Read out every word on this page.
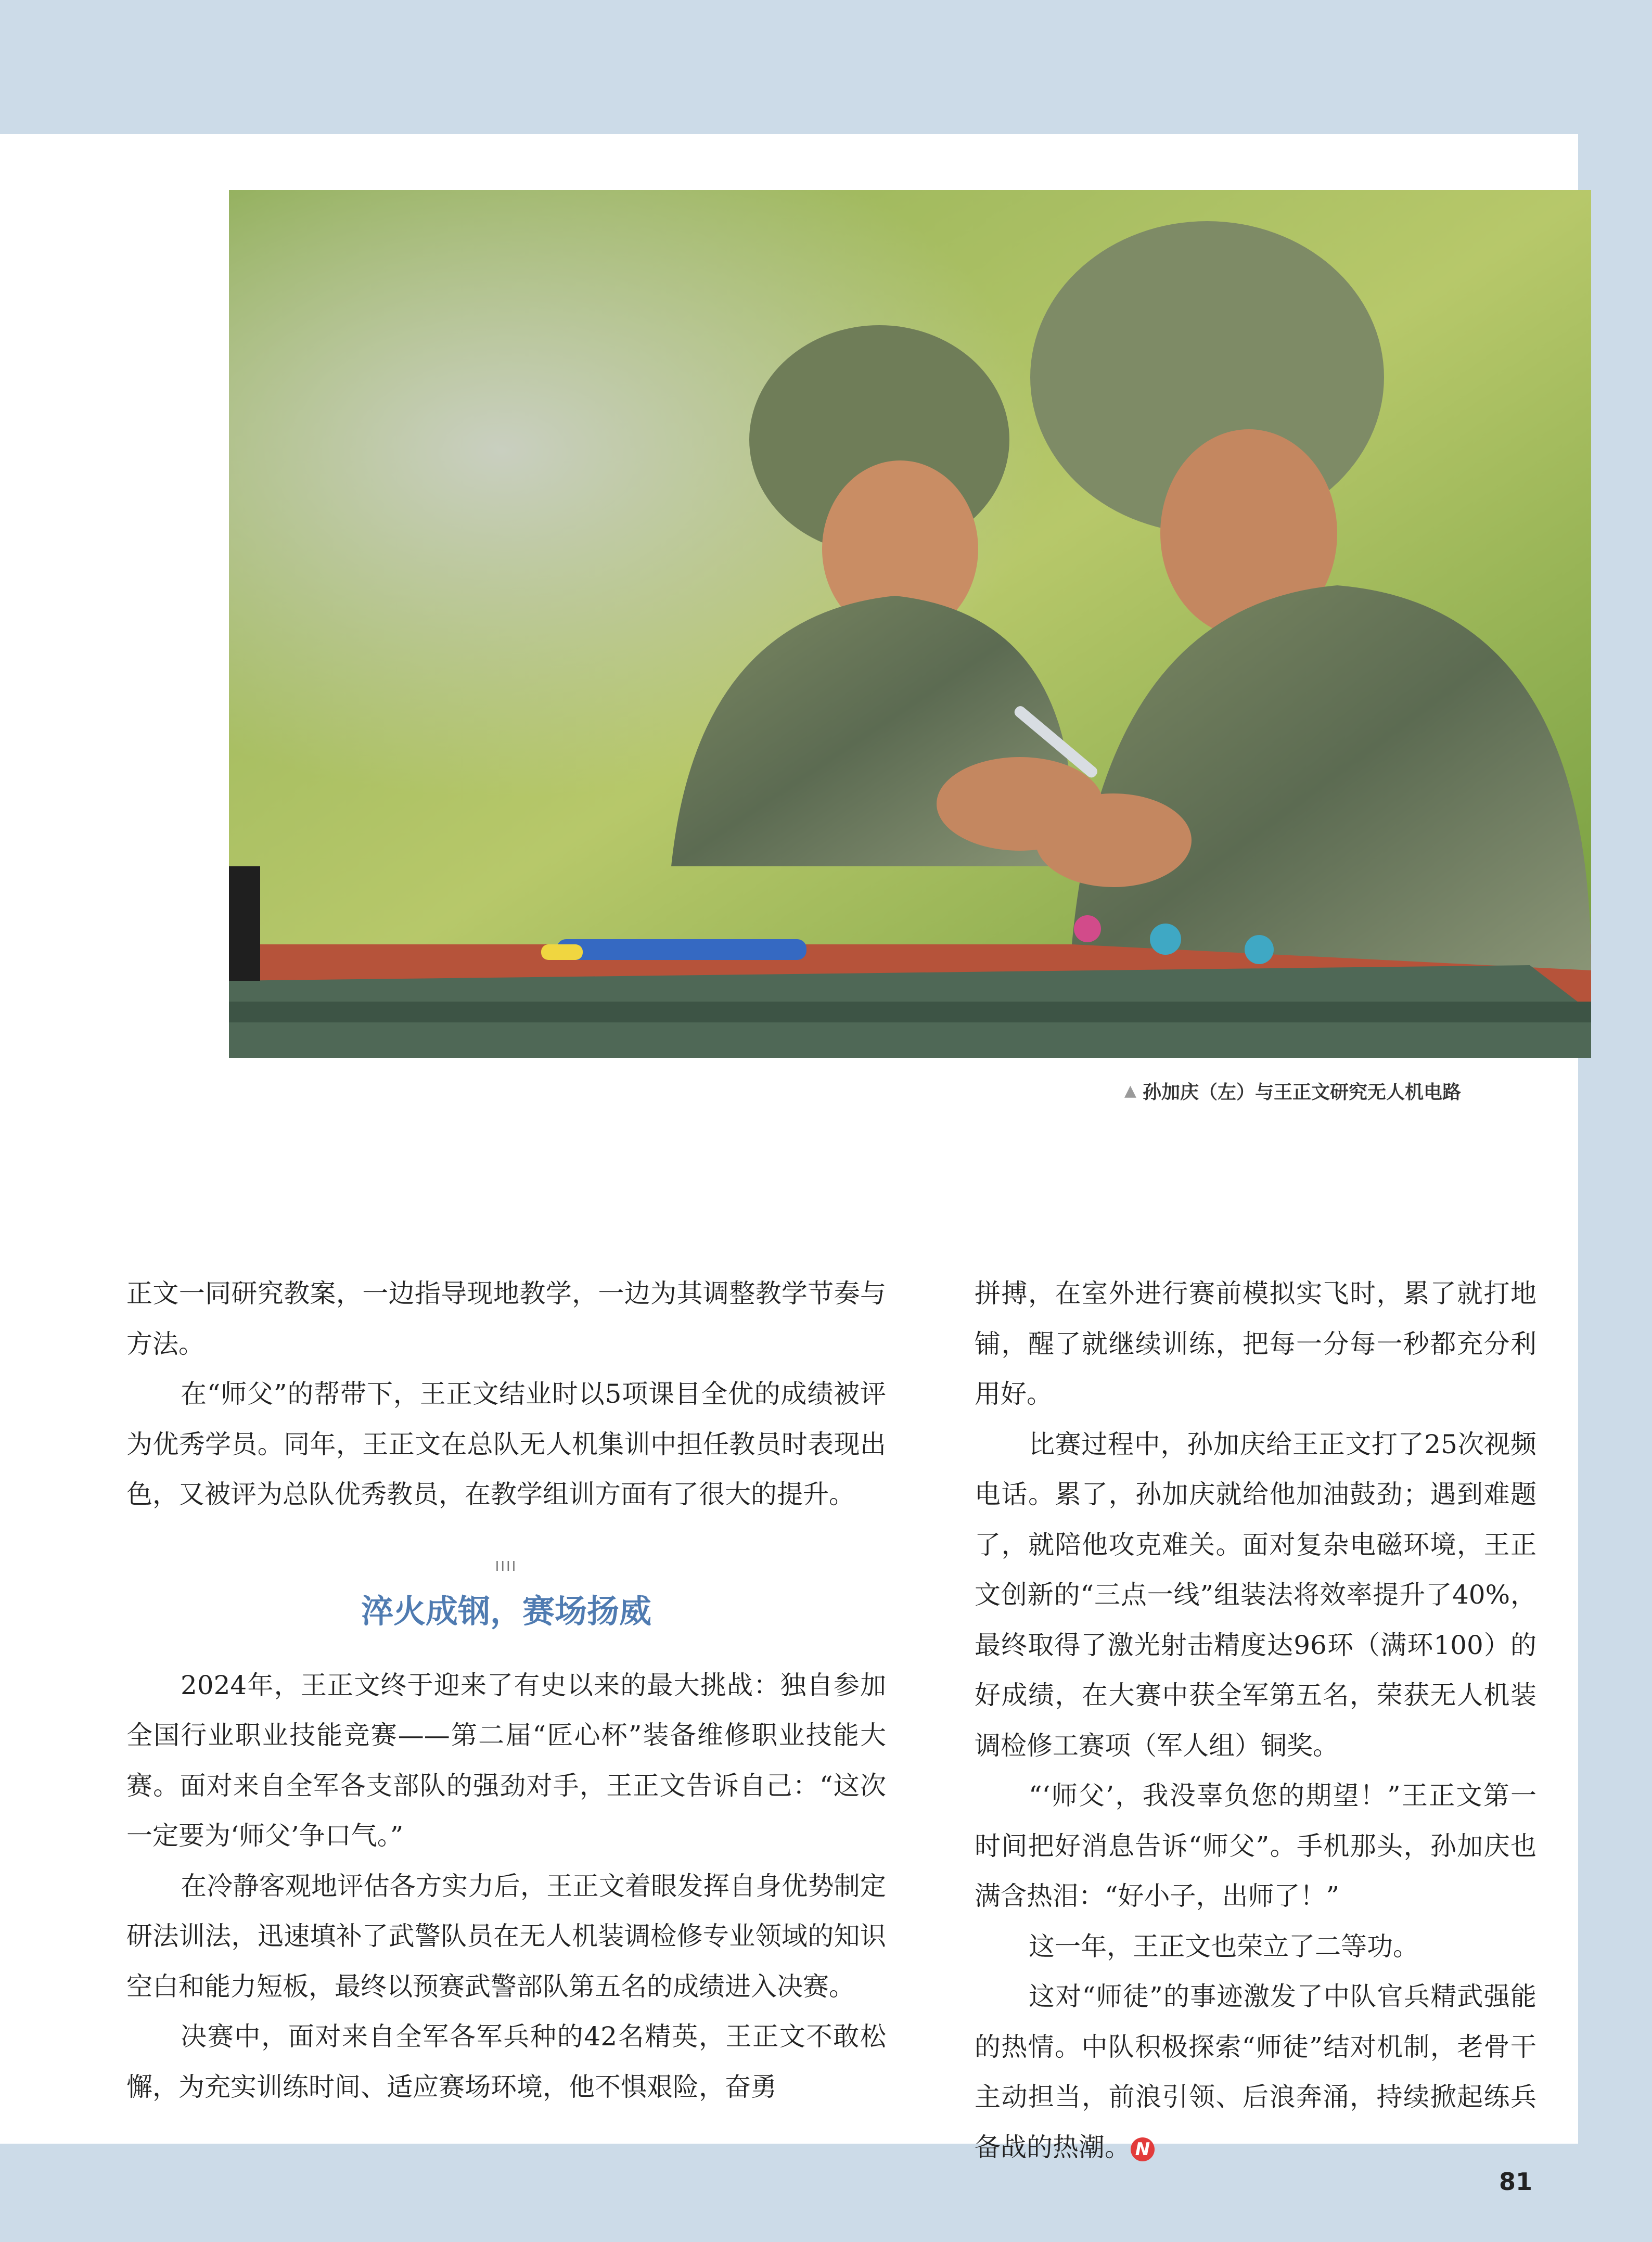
▲ 孙加庆（左）与王正文研究无人机电路

正文一同研究教案，一边指导现地教学，一边为其调整教学节奏与方法。

在“师父”的帮带下，王正文结业时以5项课目全优的成绩被评为优秀学员。同年，王正文在总队无人机集训中担任教员时表现出色，又被评为总队优秀教员，在教学组训方面有了很大的提升。

IIII
淬火成钢，赛场扬威

2024年，王正文终于迎来了有史以来的最大挑战：独自参加全国行业职业技能竞赛——第二届“匠心杯”装备维修职业技能大赛。面对来自全军各支部队的强劲对手，王正文告诉自己：“这次一定要为‘师父’争口气。”

在冷静客观地评估各方实力后，王正文着眼发挥自身优势制定研法训法，迅速填补了武警队员在无人机装调检修专业领域的知识空白和能力短板，最终以预赛武警部队第五名的成绩进入决赛。

决赛中，面对来自全军各军兵种的42名精英，王正文不敢松懈，为充实训练时间、适应赛场环境，他不惧艰险，奋勇

拼搏，在室外进行赛前模拟实飞时，累了就打地铺，醒了就继续训练，把每一分每一秒都充分利用好。

比赛过程中，孙加庆给王正文打了25次视频电话。累了，孙加庆就给他加油鼓劲；遇到难题了，就陪他攻克难关。面对复杂电磁环境，王正文创新的“三点一线”组装法将效率提升了40%，最终取得了激光射击精度达96环（满环100）的好成绩，在大赛中获全军第五名，荣获无人机装调检修工赛项（军人组）铜奖。

“‘师父’，我没辜负您的期望！”王正文第一时间把好消息告诉“师父”。手机那头，孙加庆也满含热泪：“好小子，出师了！”

这一年，王正文也荣立了二等功。

这对“师徒”的事迹激发了中队官兵精武强能的热情。中队积极探索“师徒”结对机制，老骨干主动担当，前浪引领、后浪奔涌，持续掀起练兵备战的热潮。 N

81
